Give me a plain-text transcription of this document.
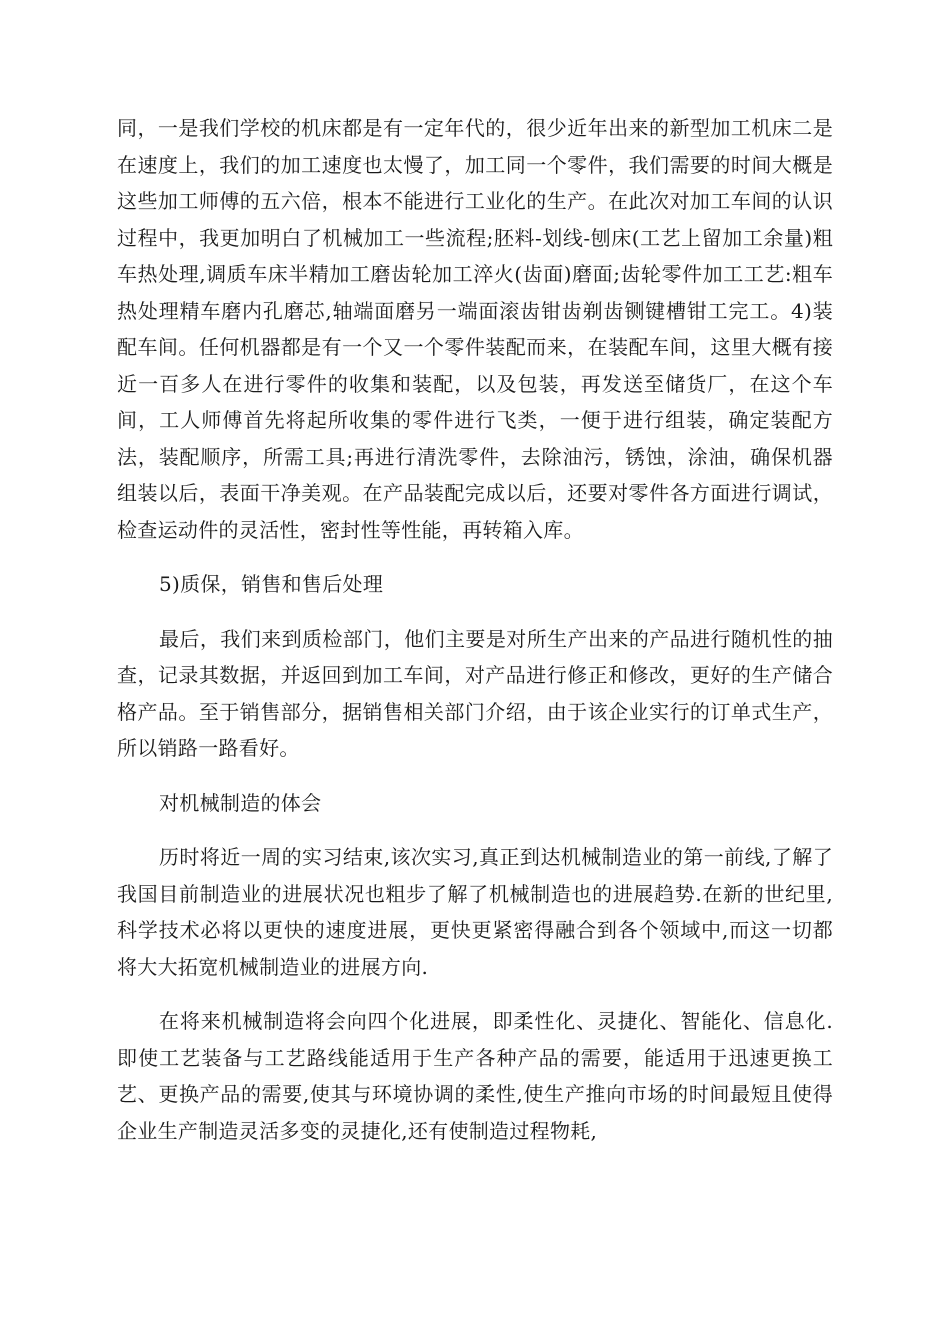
同，一是我们学校的机床都是有一定年代的，很少近年出来的新型加工机床二是在速度上，我们的加工速度也太慢了，加工同一个零件，我们需要的时间大概是这些加工师傅的五六倍，根本不能进行工业化的生产。在此次对加工车间的认识过程中，我更加明白了机械加工一些流程;胚料-划线-刨床(工艺上留加工余量)粗车热处理,调质车床半精加工磨齿轮加工淬火(齿面)磨面;齿轮零件加工工艺:粗车热处理精车磨内孔磨芯,轴端面磨另一端面滚齿钳齿剃齿铡键槽钳工完工。4)装配车间。任何机器都是有一个又一个零件装配而来，在装配车间，这里大概有接近一百多人在进行零件的收集和装配，以及包装，再发送至储货厂，在这个车间，工人师傅首先将起所收集的零件进行飞类，一便于进行组装，确定装配方法，装配顺序，所需工具;再进行清洗零件，去除油污，锈蚀，涂油，确保机器组装以后，表面干净美观。在产品装配完成以后，还要对零件各方面进行调试，检查运动件的灵活性，密封性等性能，再转箱入库。

5)质保，销售和售后处理

最后，我们来到质检部门，他们主要是对所生产出来的产品进行随机性的抽查，记录其数据，并返回到加工车间，对产品进行修正和修改，更好的生产储合格产品。至于销售部分，据销售相关部门介绍，由于该企业实行的订单式生产，所以销路一路看好。

对机械制造的体会

历时将近一周的实习结束,该次实习,真正到达机械制造业的第一前线,了解了我国目前制造业的进展状况也粗步了解了机械制造也的进展趋势.在新的世纪里,科学技术必将以更快的速度进展，更快更紧密得融合到各个领域中,而这一切都将大大拓宽机械制造业的进展方向.

在将来机械制造将会向四个化进展，即柔性化、灵捷化、智能化、信息化.即使工艺装备与工艺路线能适用于生产各种产品的需要，能适用于迅速更换工艺、更换产品的需要,使其与环境协调的柔性,使生产推向市场的时间最短且使得企业生产制造灵活多变的灵捷化,还有使制造过程物耗,
